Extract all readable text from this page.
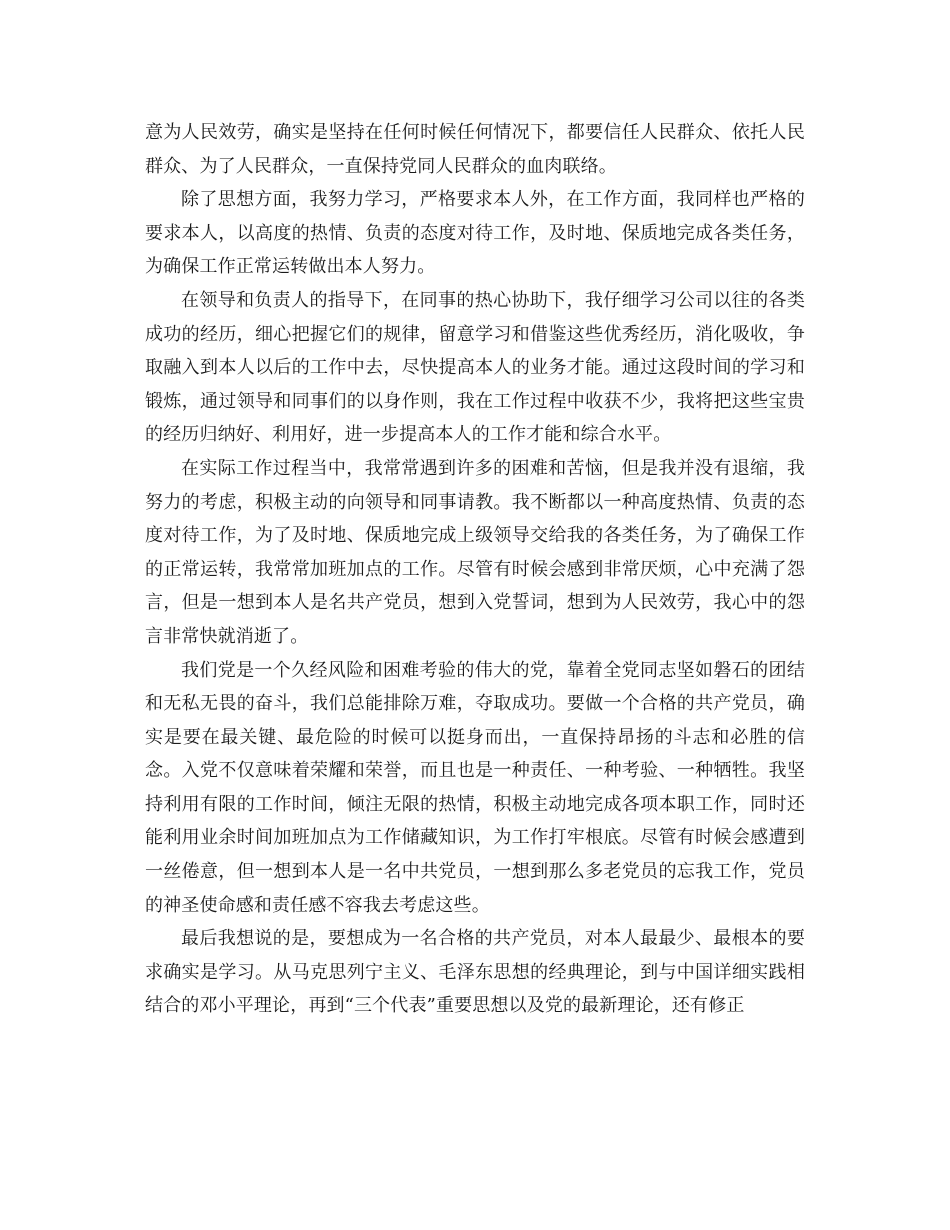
意为人民效劳，确实是坚持在任何时候任何情况下，都要信任人民群众、依托人民群众、为了人民群众，一直保持党同人民群众的血肉联络。

除了思想方面，我努力学习，严格要求本人外，在工作方面，我同样也严格的要求本人，以高度的热情、负责的态度对待工作，及时地、保质地完成各类任务，为确保工作正常运转做出本人努力。

在领导和负责人的指导下，在同事的热心协助下，我仔细学习公司以往的各类成功的经历，细心把握它们的规律，留意学习和借鉴这些优秀经历，消化吸收，争取融入到本人以后的工作中去，尽快提高本人的业务才能。通过这段时间的学习和锻炼，通过领导和同事们的以身作则，我在工作过程中收获不少，我将把这些宝贵的经历归纳好、利用好，进一步提高本人的工作才能和综合水平。

在实际工作过程当中，我常常遇到许多的困难和苦恼，但是我并没有退缩，我努力的考虑，积极主动的向领导和同事请教。我不断都以一种高度热情、负责的态度对待工作，为了及时地、保质地完成上级领导交给我的各类任务，为了确保工作的正常运转，我常常加班加点的工作。尽管有时候会感到非常厌烦，心中充满了怨言，但是一想到本人是名共产党员，想到入党誓词，想到为人民效劳，我心中的怨言非常快就消逝了。

我们党是一个久经风险和困难考验的伟大的党，靠着全党同志坚如磐石的团结和无私无畏的奋斗，我们总能排除万难，夺取成功。要做一个合格的共产党员，确实是要在最关键、最危险的时候可以挺身而出，一直保持昂扬的斗志和必胜的信念。入党不仅意味着荣耀和荣誉，而且也是一种责任、一种考验、一种牺牲。我坚持利用有限的工作时间，倾注无限的热情，积极主动地完成各项本职工作，同时还能利用业余时间加班加点为工作储藏知识，为工作打牢根底。尽管有时候会感遭到一丝倦意，但一想到本人是一名中共党员，一想到那么多老党员的忘我工作，党员的神圣使命感和责任感不容我去考虑这些。

最后我想说的是，要想成为一名合格的共产党员，对本人最最少、最根本的要求确实是学习。从马克思列宁主义、毛泽东思想的经典理论，到与中国详细实践相结合的邓小平理论，再到“三个代表”重要思想以及党的最新理论，还有修正
